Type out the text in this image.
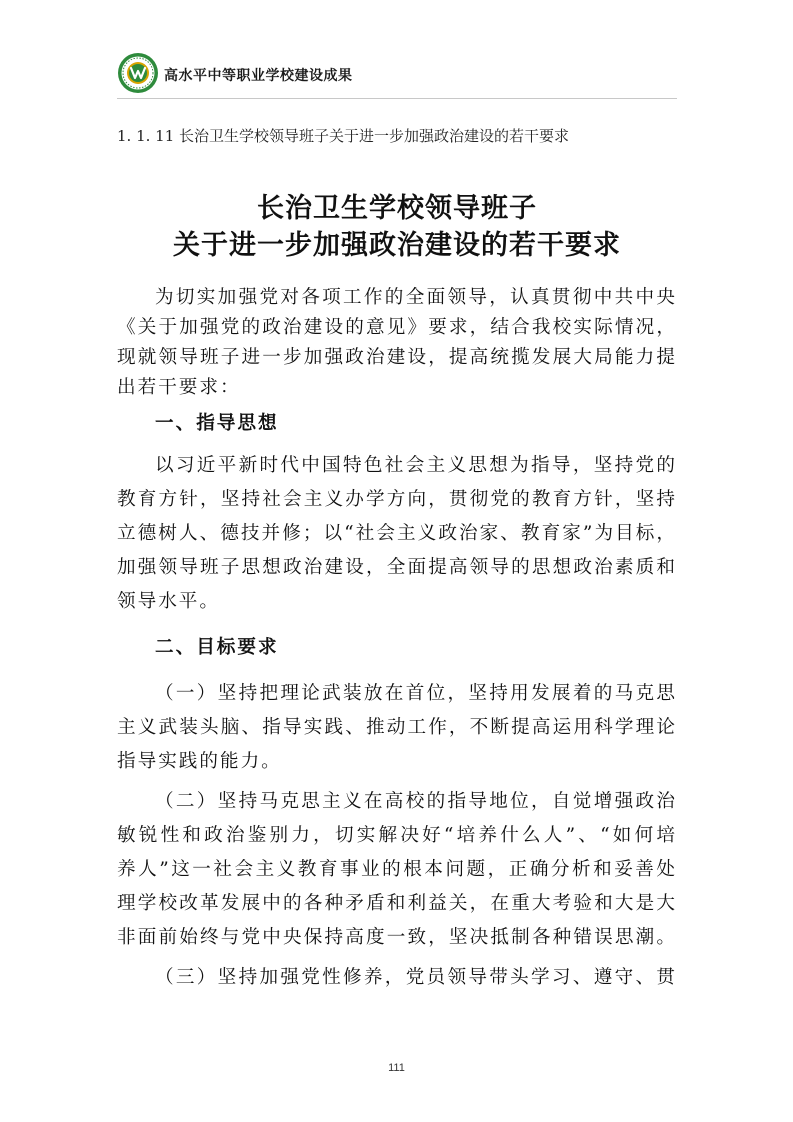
高水平中等职业学校建设成果
1. 1. 11 长治卫生学校领导班子关于进一步加强政治建设的若干要求
长治卫生学校领导班子
关于进一步加强政治建设的若干要求
为切实加强党对各项工作的全面领导，认真贯彻中共中央
《关于加强党的政治建设的意见》要求，结合我校实际情况，
现就领导班子进一步加强政治建设，提高统揽发展大局能力提
出若干要求：
一、指导思想
以习近平新时代中国特色社会主义思想为指导，坚持党的
教育方针，坚持社会主义办学方向，贯彻党的教育方针，坚持
立德树人、德技并修；以“社会主义政治家、教育家”为目标，
加强领导班子思想政治建设，全面提高领导的思想政治素质和
领导水平。
二、目标要求
（一）坚持把理论武装放在首位，坚持用发展着的马克思
主义武装头脑、指导实践、推动工作，不断提高运用科学理论
指导实践的能力。
（二）坚持马克思主义在高校的指导地位，自觉增强政治
敏锐性和政治鉴别力，切实解决好“培养什么人”、“如何培
养人”这一社会主义教育事业的根本问题，正确分析和妥善处
理学校改革发展中的各种矛盾和利益关，在重大考验和大是大
非面前始终与党中央保持高度一致，坚决抵制各种错误思潮。
（三）坚持加强党性修养，党员领导带头学习、遵守、贯
111
